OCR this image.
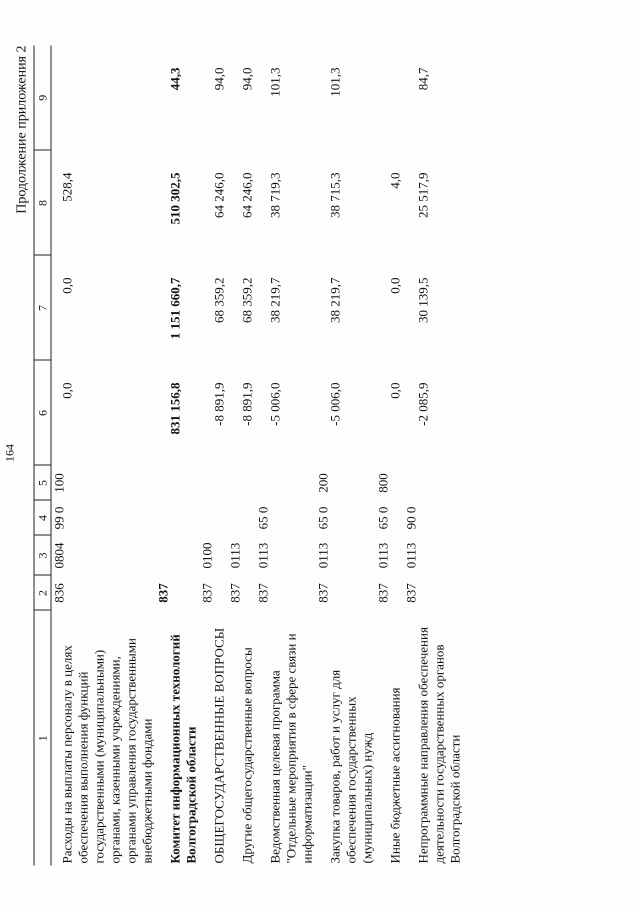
164
Продолжение приложения 2
1	2	3	4	5	6	7	8	9
Расходы на выплаты персоналу в целях обеспечения выполнения функций государственными (муниципальными) органами, казенными учреждениями, органами управления государственными внебюджетными фондами	836	0804	99 0	100	0,0	0,0	528,4	
Комитет информационных технологий Волгоградской области	837				831 156,8	1 151 660,7	510 302,5	44,3
ОБЩЕГОСУДАРСТВЕННЫЕ ВОПРОСЫ	837	0100			-8 891,9	68 359,2	64 246,0	94,0
Другие общегосударственные вопросы	837	0113			-8 891,9	68 359,2	64 246,0	94,0
Ведомственная целевая программа "Отдельные мероприятия в сфере связи и информатизации"	837	0113	65 0		-5 006,0	38 219,7	38 719,3	101,3
Закупка товаров, работ и услуг для обеспечения государственных (муниципальных) нужд	837	0113	65 0	200	-5 006,0	38 219,7	38 715,3	101,3
Иные бюджетные ассигнования	837	0113	65 0	800	0,0	0,0	4,0	
Непрограммные направления обеспечения деятельности государственных органов Волгоградской области	837	0113	90 0		-2 085,9	30 139,5	25 517,9	84,7
